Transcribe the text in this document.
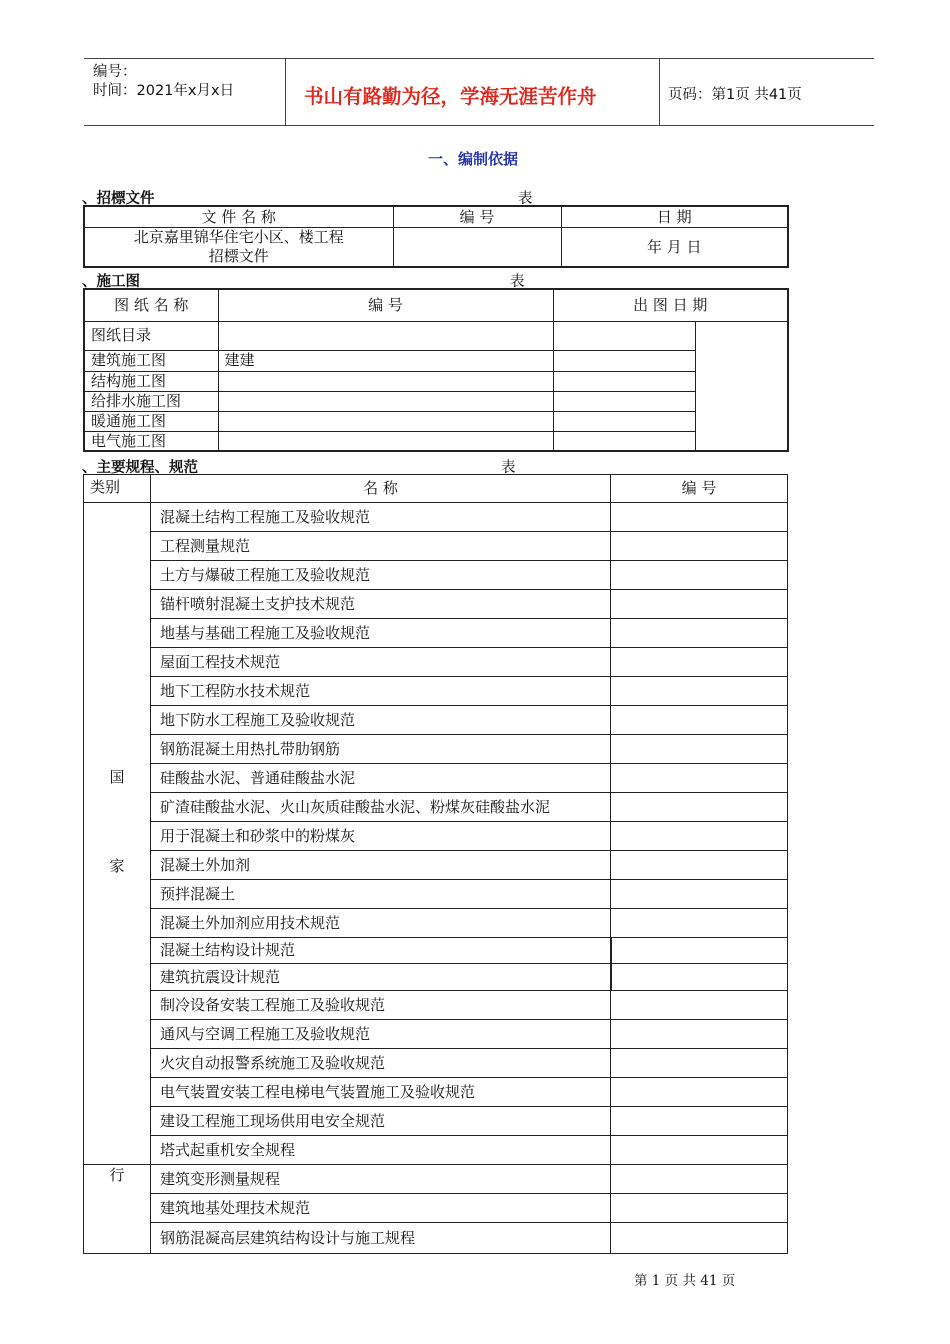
编号：
时间：2021年x月x日	书山有路勤为径，学海无涯苦作舟	页码：第1页 共41页
一、编制依据
、招標文件	表
文 件 名 称	编 号	日 期

北京嘉里锦华住宅小区、楼工程
招標文件		年 月 日
、施工图	表
图 纸 名 称	编 号	出 图 日 期	
图纸目录			
建筑施工图	建建		
结构施工图			
给排水施工图			
暖通施工图			
电气施工图			
、主要规程、规范	表
类别	名 称	编 号

国
家	混凝土结构工程施工及验收规范	
	工程测量规范	
	土方与爆破工程施工及验收规范	
	锚杆喷射混凝土支护技术规范	
	地基与基础工程施工及验收规范	
	屋面工程技术规范	
	地下工程防水技术规范	
	地下防水工程施工及验收规范	
	钢筋混凝土用热扎带肋钢筋	
	硅酸盐水泥、普通硅酸盐水泥	
	矿渣硅酸盐水泥、火山灰质硅酸盐水泥、粉煤灰硅酸盐水泥	
	用于混凝土和砂浆中的粉煤灰	
	混凝土外加剂	
	预拌混凝土	
	混凝土外加剂应用技术规范	
	混凝土结构设计规范	
	建筑抗震设计规范	
	制冷设备安装工程施工及验收规范	
	通风与空调工程施工及验收规范	
	火灾自动报警系统施工及验收规范	
	电气装置安装工程电梯电气装置施工及验收规范	
	建设工程施工现场供用电安全规范	
	塔式起重机安全规程	
行	建筑变形测量规程	
	建筑地基处理技术规范	
	钢筋混凝高层建筑结构设计与施工规程	
第 1 页 共 41 页
